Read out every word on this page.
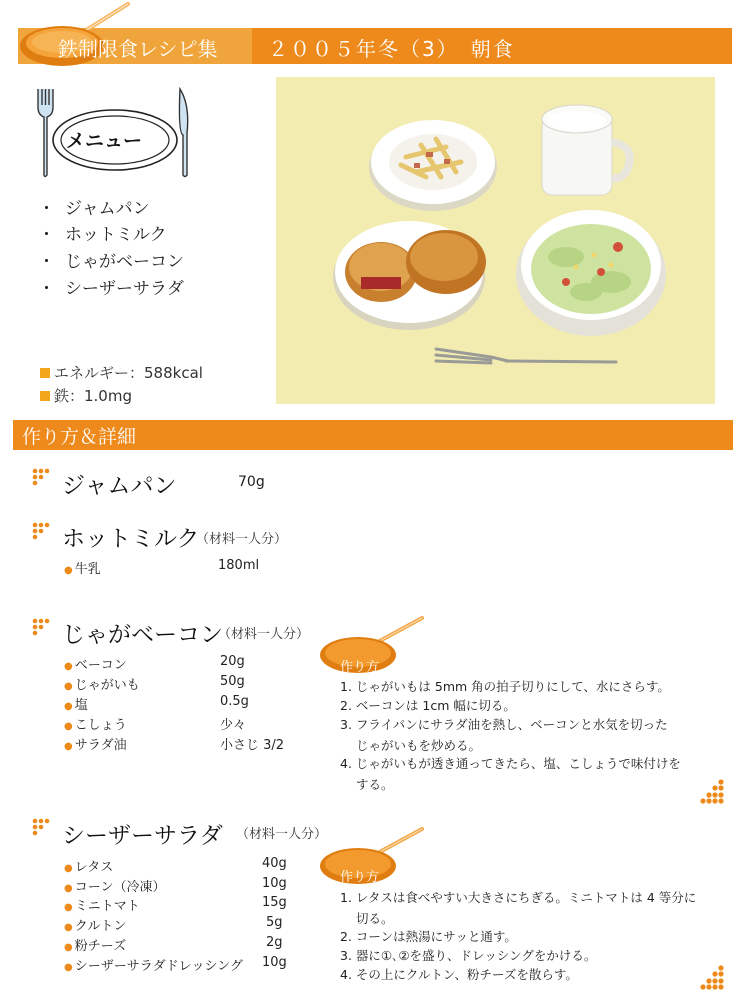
鉄制限食レシピ集	２００５年冬（3）　朝食
メニュー
・ ジャムパン
・ ホットミルク
・ じゃがベーコン
・ シーザーサラダ
エネルギー：588kcal
鉄：1.0mg
作り方＆詳細
ジャムパン	70g
ホットミルク
（材料一人分）
● 牛乳	180ml
じゃがベーコン
（材料一人分）
● ベーコン	20g
● じゃがいも	50g
● 塩	0.5g
● こしょう	少々
● サラダ油	小さじ 3/2
作り方
1. じゃがいもは 5mm 角の拍子切りにして、水にさらす。
2. ベーコンは 1cm 幅に切る。
3. フライパンにサラダ油を熱し、ベーコンと水気を切った
じゃがいもを炒める。
4. じゃがいもが透き通ってきたら、塩、こしょうで味付けを
する。
シーザーサラダ （材料一人分）
● レタス	40g
● コーン（冷凍）	10g
● ミニトマト	15g
● クルトン	5g
● 粉チーズ	2g
● シーザーサラダドレッシング 10g
作り方
1. レタスは食べやすい大きさにちぎる。ミニトマトは 4 等分に
切る。
2. コーンは熱湯にサッと通す。
3. 器に①､②を盛り、ドレッシングをかける。
4. その上にクルトン、粉チーズを散らす。
